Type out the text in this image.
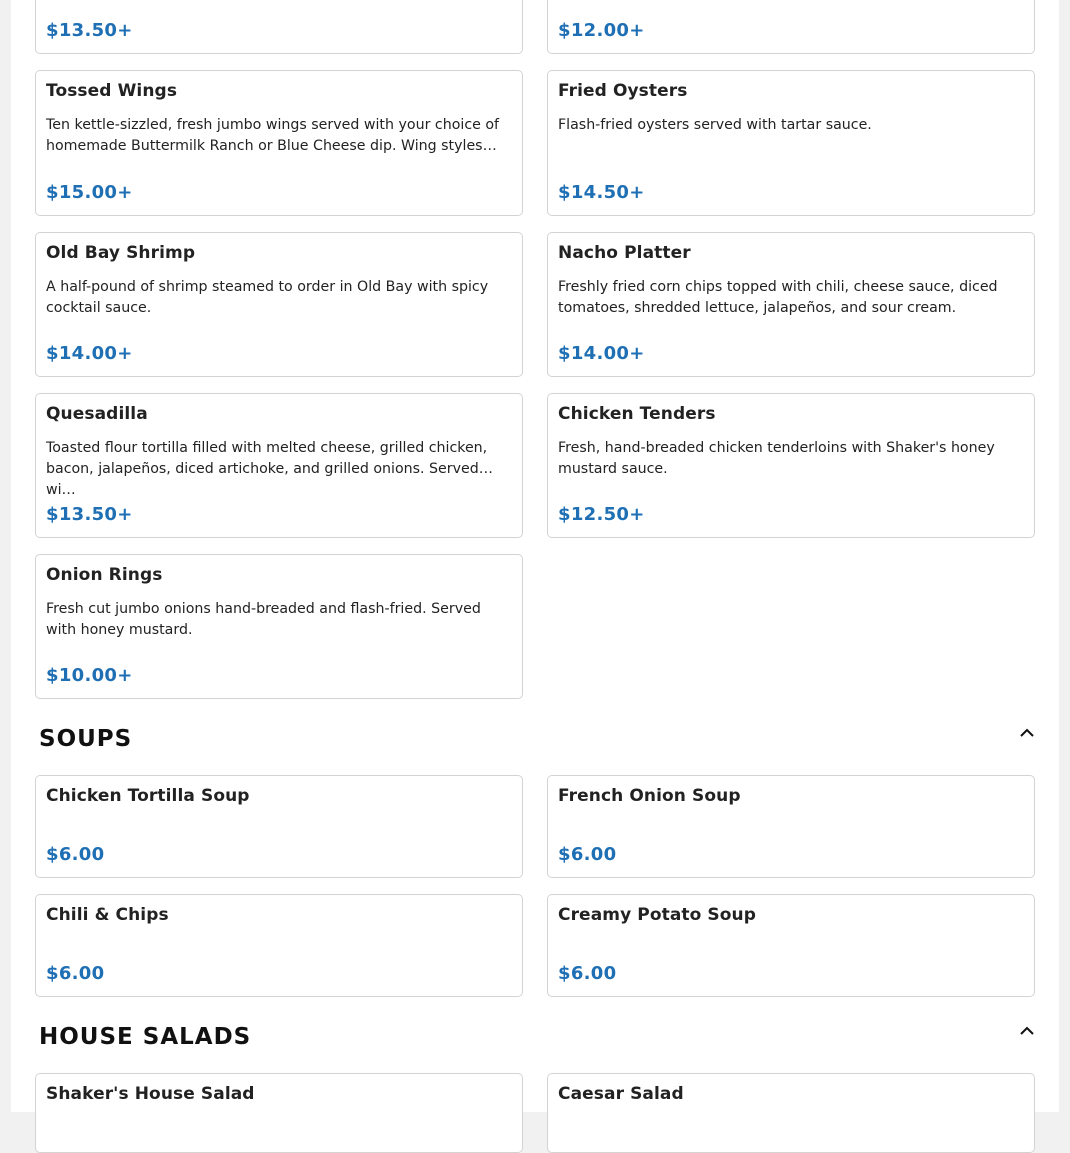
$13.50+	$12.00+
Tossed Wings
Ten kettle-sizzled, fresh jumbo wings served with your choice of homemade Buttermilk Ranch or Blue Cheese dip. Wing styles…
$15.00+
Fried Oysters
Flash-fried oysters served with tartar sauce.
$14.50+
Old Bay Shrimp
A half-pound of shrimp steamed to order in Old Bay with spicy cocktail sauce.
$14.00+
Nacho Platter
Freshly fried corn chips topped with chili, cheese sauce, diced tomatoes, shredded lettuce, jalapeños, and sour cream.
$14.00+
Quesadilla
Toasted flour tortilla filled with melted cheese, grilled chicken, bacon, jalapeños, diced artichoke, and grilled onions. Served wi…
$13.50+
Chicken Tenders
Fresh, hand-breaded chicken tenderloins with Shaker's honey mustard sauce.
$12.50+
Onion Rings
Fresh cut jumbo onions hand-breaded and flash-fried. Served with honey mustard.
$10.00+
SOUPS
Chicken Tortilla Soup
$6.00
French Onion Soup
$6.00
Chili & Chips
$6.00
Creamy Potato Soup
$6.00
HOUSE SALADS
Shaker's House Salad	Caesar Salad
